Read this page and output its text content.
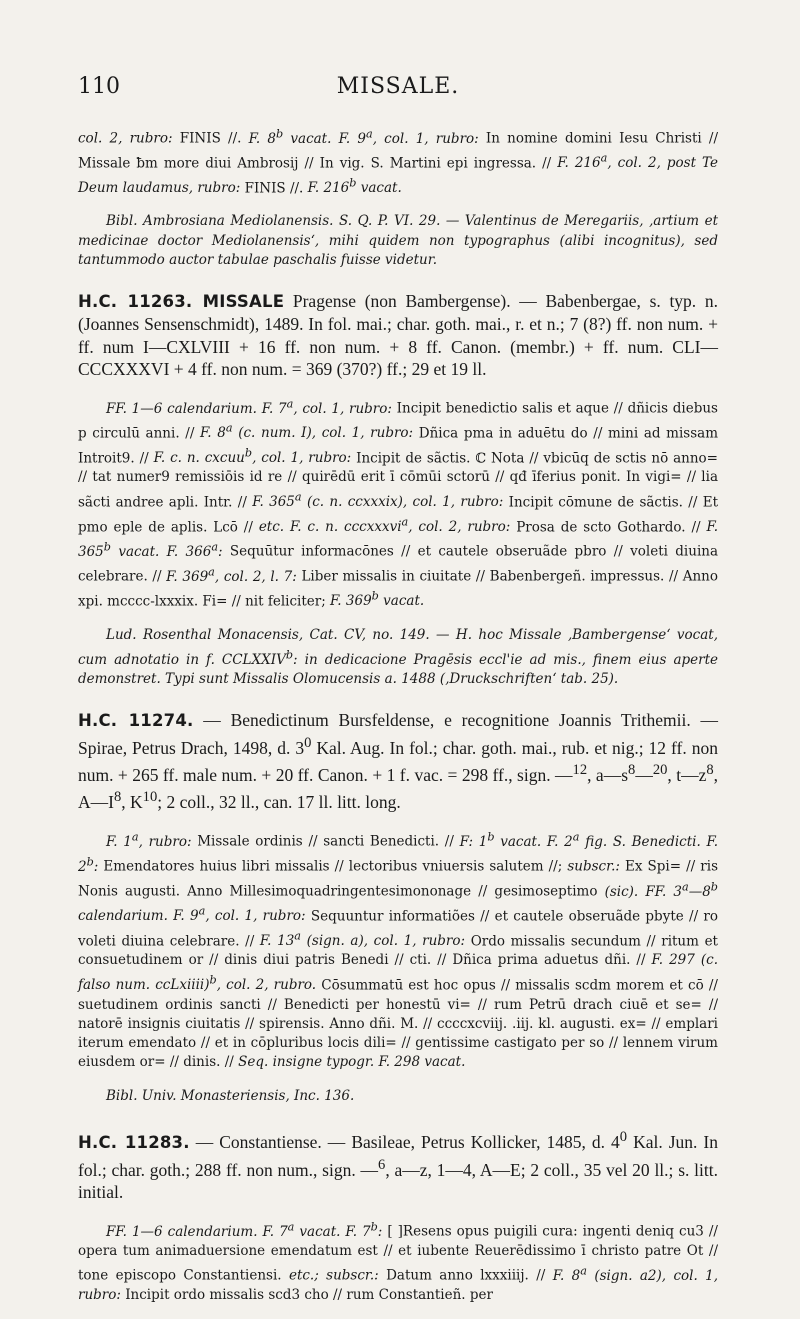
110	MISSALE.

col. 2, rubro: FINIS //. F. 8$^b$ vacat. F. 9$^a$, col. 1, rubro: In nomine domini Iesu Christi // Missale ƀm more diui Ambrosij // In vig. S. Martini epi ingressa. // F. 216$^a$, col. 2, post Te Deum laudamus, rubro: FINIS //. F. 216$^b$ vacat.

Bibl. Ambrosiana Mediolanensis. S. Q. P. VI. 29. — Valentinus de Meregariis, ‚artium et medicinae doctor Mediolanensis‘, mihi quidem non typographus (alibi incognitus), sed tantummodo auctor tabulae paschalis fuisse videtur.

H.C. 11263. MISSALE Pragense (non Bambergense). — Babenbergae, s. typ. n. (Joannes Sensenschmidt), 1489. In fol. mai.; char. goth. mai., r. et n.; 7 (8?) ff. non num. + ff. num I—CXLVIII + 16 ff. non num. + 8 ff. Canon. (membr.) + ff. num. CLI—CCCXXXVI + 4 ff. non num. = 369 (370?) ff.; 29 et 19 ll.

FF. 1—6 calendarium. F. 7$^a$, col. 1, rubro: Incipit benedictio salis et aque // dñicis diebus p circulū anni. // F. 8$^a$ (c. num. I), col. 1, rubro: Dñica pma in aduētu do // mini ad missam Introit9. // F. c. n. cxcuu$^b$, col. 1, rubro: Incipit de sãctis. ℂ Nota // vbicūq de sctis nō anno= // tat numer9 remissiōis id re // quirēdū erit ī cōmūi sctorū // qđ īferius ponit. In vigi= // lia sãcti andree apli. Intr. // F. 365$^a$ (c. n. ccxxxix), col. 1, rubro: Incipit cōmune de sãctis. // Et pmo eple de aplis. Lcō // etc. F. c. n. cccxxxvi$^a$, col. 2, rubro: Prosa de scto Gothardo. // F. 365$^b$ vacat. F. 366$^a$: Sequūtur informacōnes // et cautele obseruãde pbro // voleti diuina celebrare. // F. 369$^a$, col. 2, l. 7: Liber missalis in ciuitate // Babenbergeñ. impressus. // Anno xpi. mcccc-lxxxix. Fi= // nit feliciter; F. 369$^b$ vacat.

Lud. Rosenthal Monacensis, Cat. CV, no. 149. — H. hoc Missale ‚Bambergense‘ vocat, cum adnotatio in f. CCLXXIV$^b$: in dedicacione Pragēsis eccl'ie ad mis., finem eius aperte demonstret. Typi sunt Missalis Olomucensis a. 1488 (‚Druckschriften‘ tab. 25).

H.C. 11274. — Benedictinum Bursfeldense, e recognitione Joannis Trithemii. — Spirae, Petrus Drach, 1498, d. $3^0$ Kal. Aug. In fol.; char. goth. mai., rub. et nig.; 12 ff. non num. + 265 ff. male num. + 20 ff. Canon. + 1 f. vac. = 298 ff., sign. —$^{12}$, $a—s^8—^{20}$, $t—z^8$, $A—I^8$, $K^{10}$; 2 coll., 32 ll., can. 17 ll. litt. long.

F. 1$^a$, rubro: Missale ordinis // sancti Benedicti. // F: 1$^b$ vacat. F. 2$^a$ fig. S. Benedicti. F. 2$^b$: Emendatores huius libri missalis // lectoribus vniuersis salutem //; subscr.: Ex Spi= // ris Nonis augusti. Anno Millesimoquadringentesimononage // gesimoseptimo (sic). FF. 3$^a$—8$^b$ calendarium. F. 9$^a$, col. 1, rubro: Sequuntur informatiões // et cautele obseruãde pbyte // ro voleti diuina celebrare. // F. 13$^a$ (sign. a), col. 1, rubro: Ordo missalis secundum // ritum et consuetudinem or // dinis diui patris Benedi // cti. // Dñica prima aduetus dñi. // F. 297 (c. falso num. ccLxiiii)$^b$, col. 2, rubro. Cōsummatū est hoc opus // missalis scdm morem et cō // suetudinem ordinis sancti // Benedicti per honestū vi= // rum Petrū drach ciuē et se= // natorē insignis ciuitatis // spirensis. Anno dñi. M. // ccccxcviij. .iij. kl. augusti. ex= // emplari iterum emendato // et in cōpluribus locis dili= // gentissime castigato per so // lennem virum eiusdem or= // dinis. // Seq. insigne typogr. F. 298 vacat.

Bibl. Univ. Monasteriensis, Inc. 136.

H.C. 11283. — Constantiense. — Basileae, Petrus Kollicker, 1485, d. $4^0$ Kal. Jun. In fol.; char. goth.; 288 ff. non num., sign. —$^6$, a—z, 1—4, A—E; 2 coll., 35 vel 20 ll.; s. litt. initial.

FF. 1—6 calendarium. F. 7$^a$ vacat. F. 7$^b$: [ ]Resens opus puigili cura: ingenti deniq cu3 // opera tum animaduersione emendatum est // et iubente Reuerēdissimo ī christo patre Ot // tone episcopo Constantiensi. etc.; subscr.: Datum anno lxxxiiij. // F. 8$^a$ (sign. a2), col. 1, rubro: Incipit ordo missalis scd3 cho // rum Constantieñ. per
